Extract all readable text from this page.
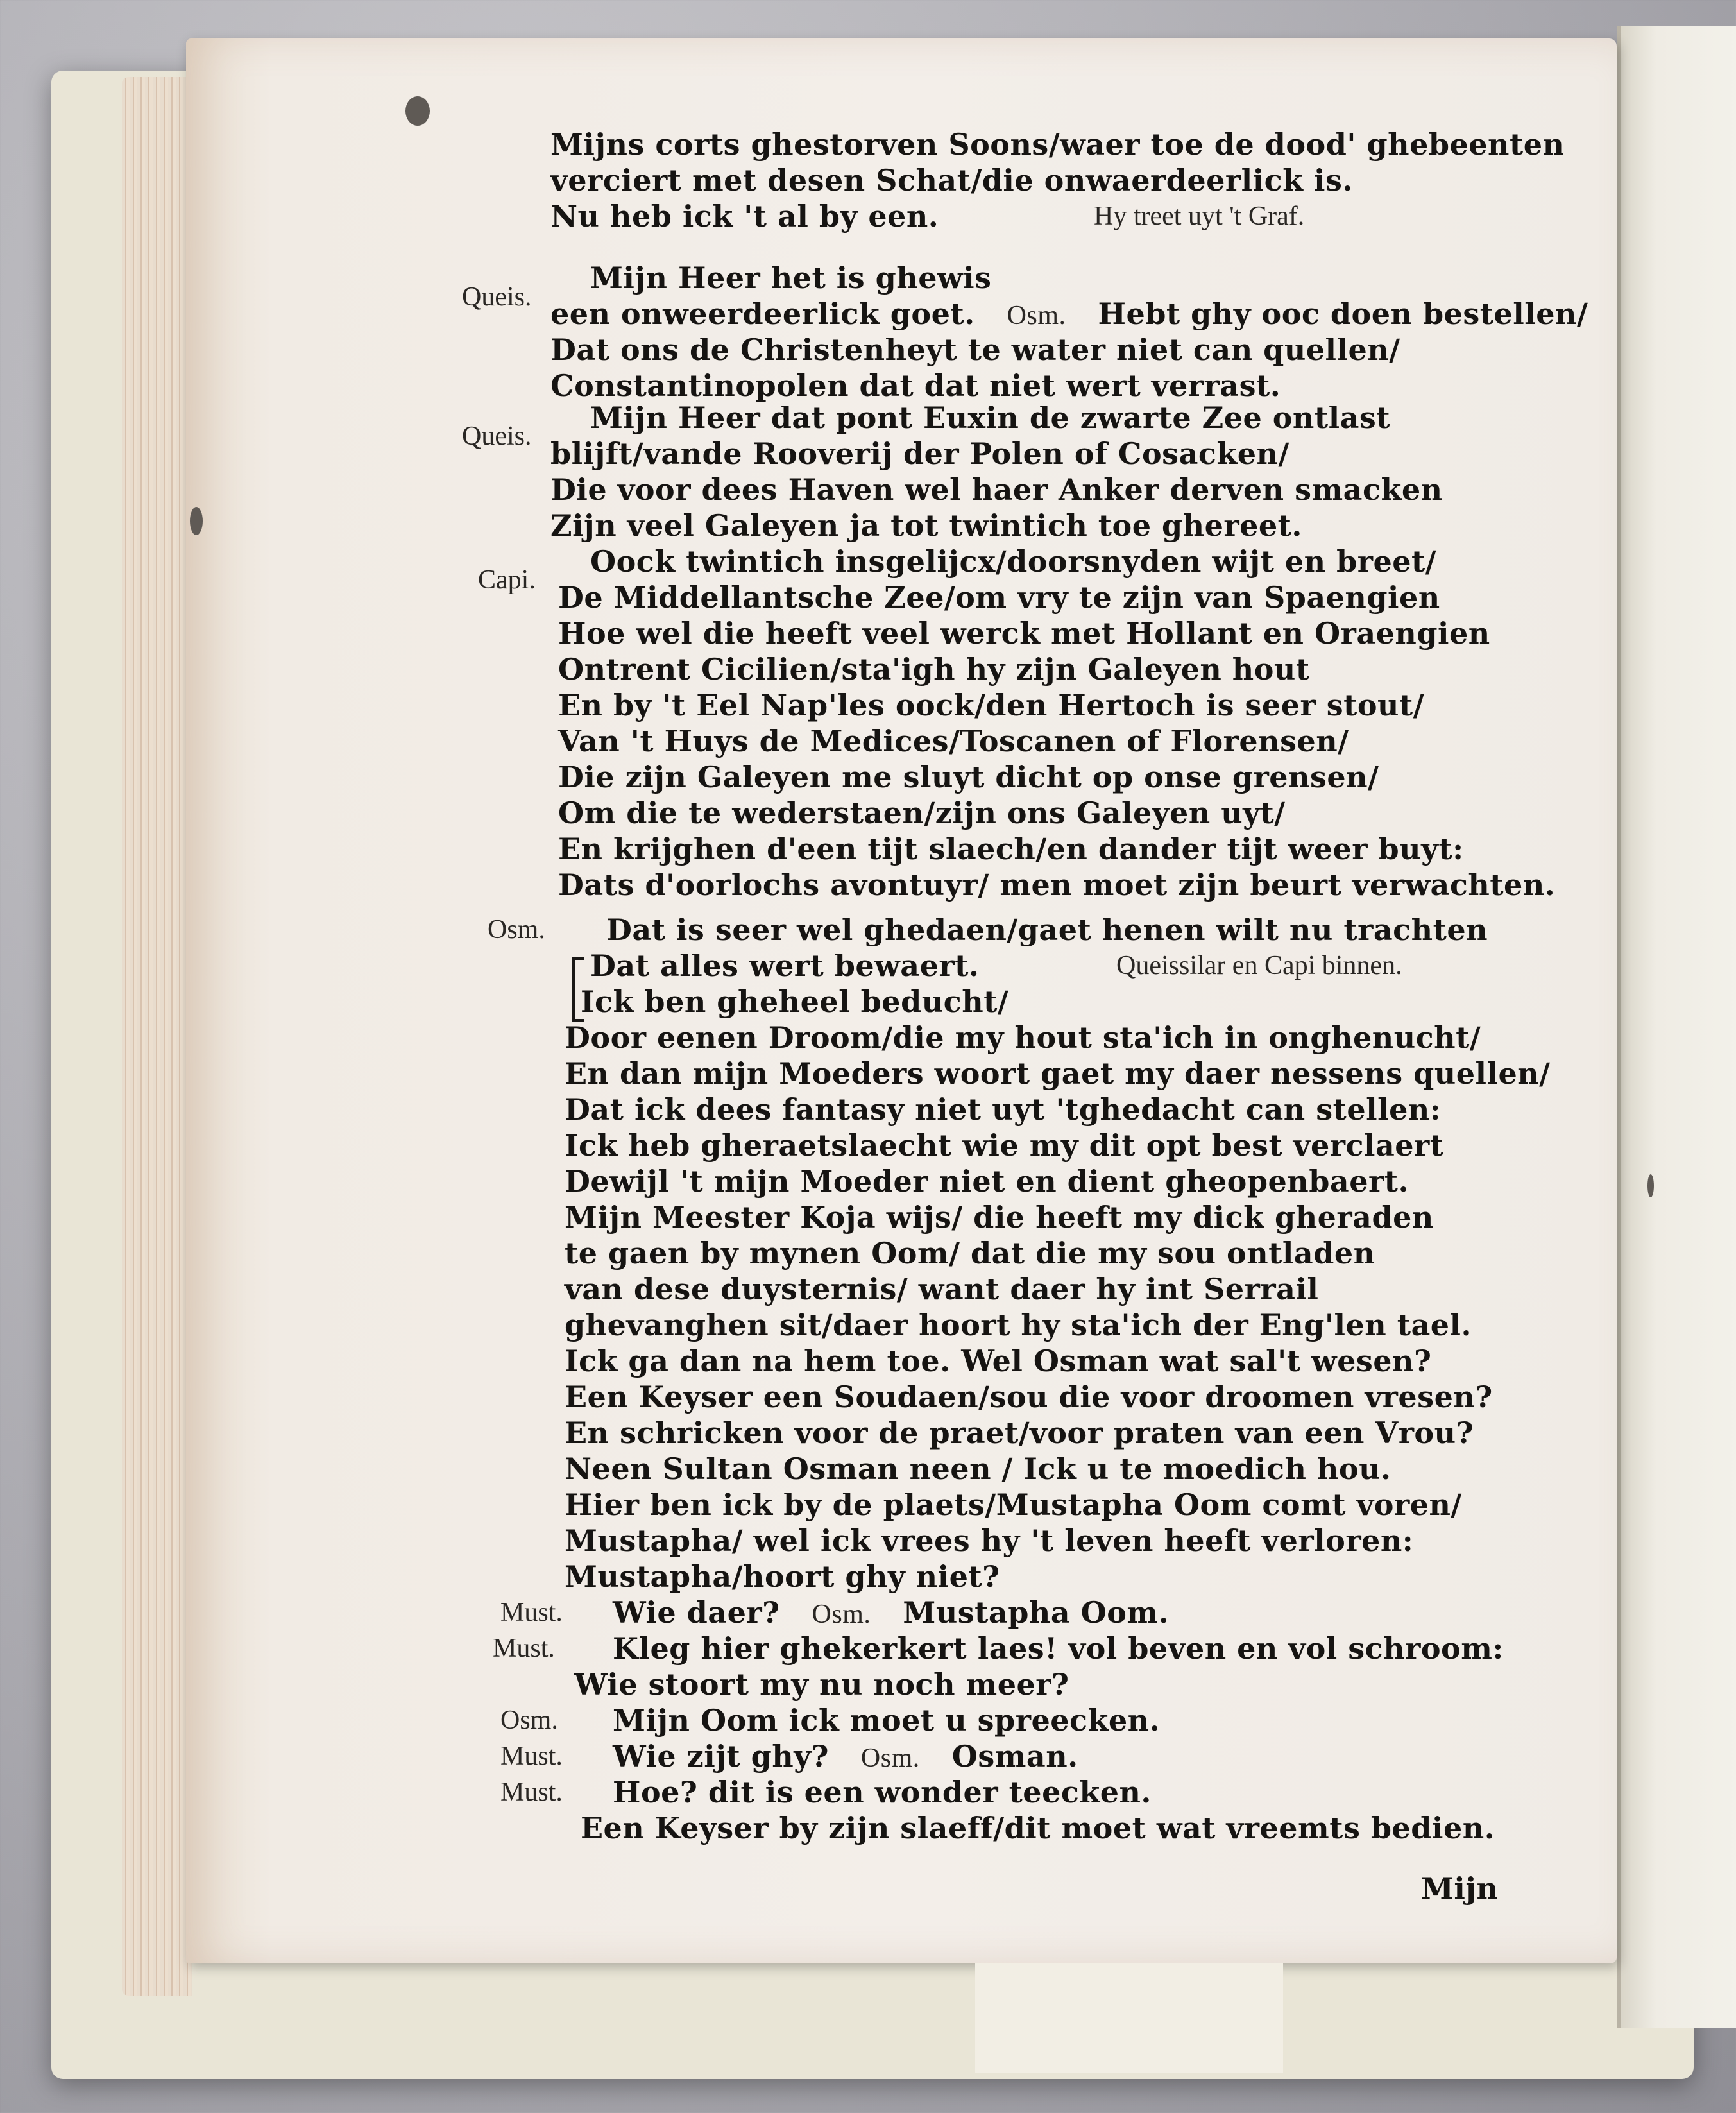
Mijns corts ghestorven Soons/waer toe de dood' ghebeenten
verciert met desen Schat/die onwaerdeerlick is.
Nu heb ick 't al by een.	Hy treet uyt 't Graf.
Queis.
Mijn Heer het is ghewis
een onweerdeerlick goet. Osm. Hebt ghy ooc doen bestellen/
Dat ons de Christenheyt te water niet can quellen/
Constantinopolen dat dat niet wert verrast.
Queis.
Mijn Heer dat pont Euxin de zwarte Zee ontlast
blijft/vande Rooverij der Polen of Cosacken/
Die voor dees Haven wel haer Anker derven smacken
Zijn veel Galeyen ja tot twintich toe ghereet.
Capi.
Oock twintich insgelijcx/doorsnyden wijt en breet/
De Middellantsche Zee/om vry te zijn van Spaengien
Hoe wel die heeft veel werck met Hollant en Oraengien
Ontrent Cicilien/sta'igh hy zijn Galeyen hout
En by 't Eel Nap'les oock/den Hertoch is seer stout/
Van 't Huys de Medices/Toscanen of Florensen/
Die zijn Galeyen me sluyt dicht op onse grensen/
Om die te wederstaen/zijn ons Galeyen uyt/
En krijghen d'een tijt slaech/en dander tijt weer buyt:
Dats d'oorlochs avontuyr/ men moet zijn beurt verwachten.
Osm. Dat is seer wel ghedaen/gaet henen wilt nu trachten
Dat alles wert bewaert.	Queissilar en Capi binnen.
Ick ben gheheel beducht/
Door eenen Droom/die my hout sta'ich in onghenucht/
En dan mijn Moeders woort gaet my daer nessens quellen/
Dat ick dees fantasy niet uyt 'tghedacht can stellen:
Ick heb gheraetslaecht wie my dit opt best verclaert
Dewijl 't mijn Moeder niet en dient gheopenbaert.
Mijn Meester Koja wijs/ die heeft my dick gheraden
te gaen by mynen Oom/ dat die my sou ontladen
van dese duysternis/ want daer hy int Serrail
ghevanghen sit/daer hoort hy sta'ich der Eng'len tael.
Ick ga dan na hem toe. Wel Osman wat sal't wesen?
Een Keyser een Soudaen/sou die voor droomen vresen?
En schricken voor de praet/voor praten van een Vrou?
Neen Sultan Osman neen / Ick u te moedich hou.
Hier ben ick by de plaets/Mustapha Oom comt voren/
Mustapha/ wel ick vrees hy 't leven heeft verloren:
Mustapha/hoort ghy niet?
Must. Wie daer? Osm. Mustapha Oom.
Must. Kleg hier ghekerkert laes! vol beven en vol schroom:
Wie stoort my nu noch meer?
Osm. Mijn Oom ick moet u spreecken.
Must. Wie zijt ghy? Osm. Osman.
Must. Hoe? dit is een wonder teecken.
Een Keyser by zijn slaeff/dit moet wat vreemts bedien.
Mijn
